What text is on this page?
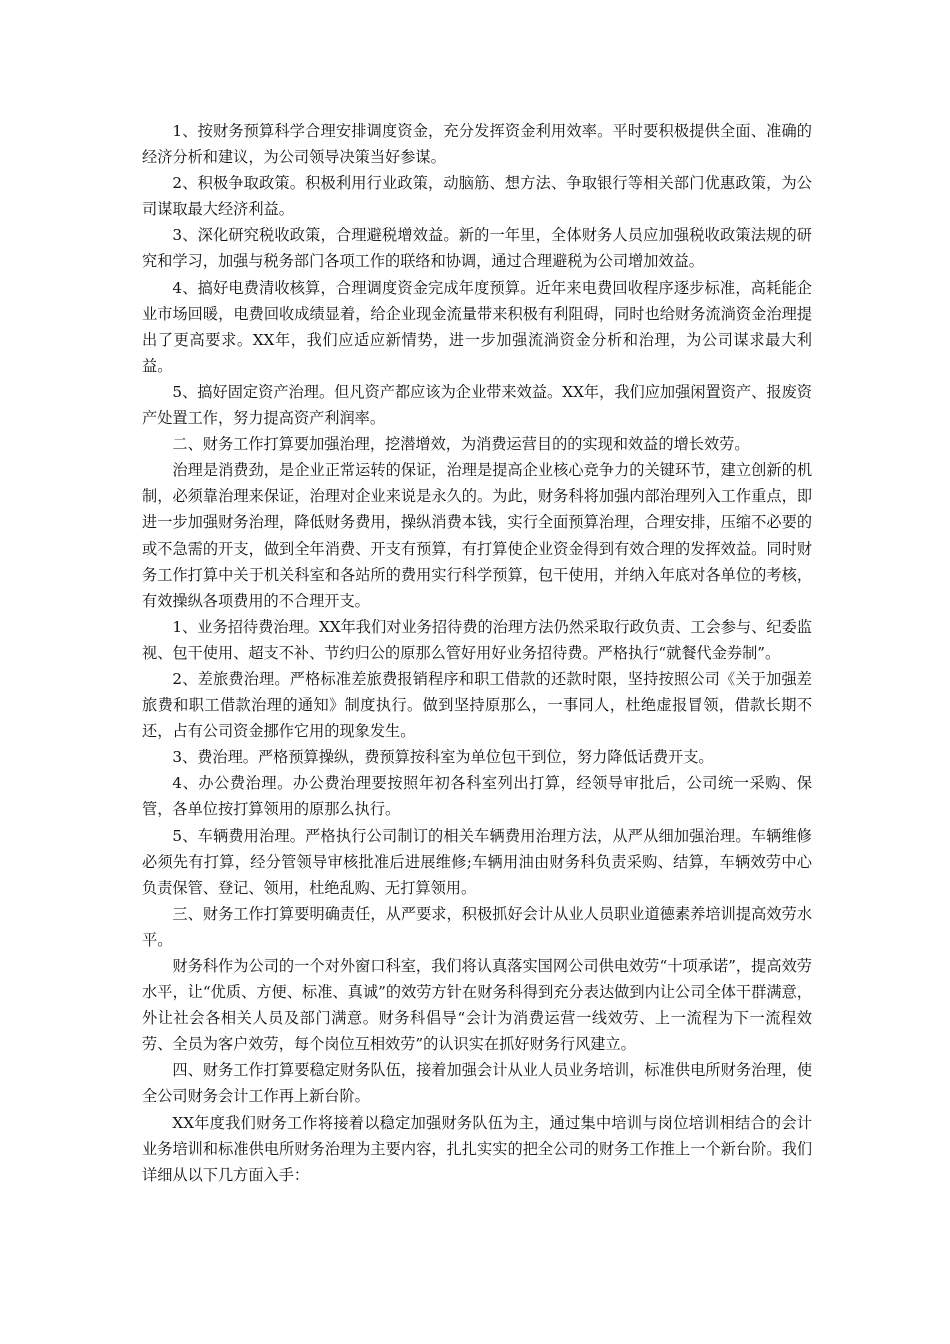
1、按财务预算科学合理安排调度资金，充分发挥资金利用效率。平时要积极提供全面、准确的经济分析和建议，为公司领导决策当好参谋。

2、积极争取政策。积极利用行业政策，动脑筋、想方法、争取银行等相关部门优惠政策，为公司谋取最大经济利益。

3、深化研究税收政策，合理避税增效益。新的一年里，全体财务人员应加强税收政策法规的研究和学习，加强与税务部门各项工作的联络和协调，通过合理避税为公司增加效益。

4、搞好电费清收核算，合理调度资金完成年度预算。近年来电费回收程序逐步标准，高耗能企业市场回暖，电费回收成绩显着，给企业现金流量带来积极有利阻碍，同时也给财务流淌资金治理提出了更高要求。XX年，我们应适应新情势，进一步加强流淌资金分析和治理，为公司谋求最大利益。

5、搞好固定资产治理。但凡资产都应该为企业带来效益。XX年，我们应加强闲置资产、报废资产处置工作，努力提高资产利润率。

二、财务工作打算要加强治理，挖潜增效，为消费运营目的的实现和效益的增长效劳。

治理是消费劲，是企业正常运转的保证，治理是提高企业核心竞争力的关键环节，建立创新的机制，必须靠治理来保证，治理对企业来说是永久的。为此，财务科将加强内部治理列入工作重点，即进一步加强财务治理，降低财务费用，操纵消费本钱，实行全面预算治理，合理安排，压缩不必要的或不急需的开支，做到全年消费、开支有预算，有打算使企业资金得到有效合理的发挥效益。同时财务工作打算中关于机关科室和各站所的费用实行科学预算，包干使用，并纳入年底对各单位的考核，有效操纵各项费用的不合理开支。

1、业务招待费治理。XX年我们对业务招待费的治理方法仍然采取行政负责、工会参与、纪委监视、包干使用、超支不补、节约归公的原那么管好用好业务招待费。严格执行“就餐代金券制”。

2、差旅费治理。严格标准差旅费报销程序和职工借款的还款时限，坚持按照公司《关于加强差旅费和职工借款治理的通知》制度执行。做到坚持原那么，一事同人，杜绝虚报冒领，借款长期不还，占有公司资金挪作它用的现象发生。

3、费治理。严格预算操纵，费预算按科室为单位包干到位，努力降低话费开支。

4、办公费治理。办公费治理要按照年初各科室列出打算，经领导审批后，公司统一采购、保管，各单位按打算领用的原那么执行。

5、车辆费用治理。严格执行公司制订的相关车辆费用治理方法，从严从细加强治理。车辆维修必须先有打算，经分管领导审核批准后进展维修;车辆用油由财务科负责采购、结算，车辆效劳中心负责保管、登记、领用，杜绝乱购、无打算领用。

三、财务工作打算要明确责任，从严要求，积极抓好会计从业人员职业道德素养培训提高效劳水平。

财务科作为公司的一个对外窗口科室，我们将认真落实国网公司供电效劳“十项承诺”，提高效劳水平，让“优质、方便、标准、真诚”的效劳方针在财务科得到充分表达做到内让公司全体干群满意，外让社会各相关人员及部门满意。财务科倡导“会计为消费运营一线效劳、上一流程为下一流程效劳、全员为客户效劳，每个岗位互相效劳”的认识实在抓好财务行风建立。

四、财务工作打算要稳定财务队伍，接着加强会计从业人员业务培训，标准供电所财务治理，使全公司财务会计工作再上新台阶。

XX年度我们财务工作将接着以稳定加强财务队伍为主，通过集中培训与岗位培训相结合的会计业务培训和标准供电所财务治理为主要内容，扎扎实实的把全公司的财务工作推上一个新台阶。我们详细从以下几方面入手：
